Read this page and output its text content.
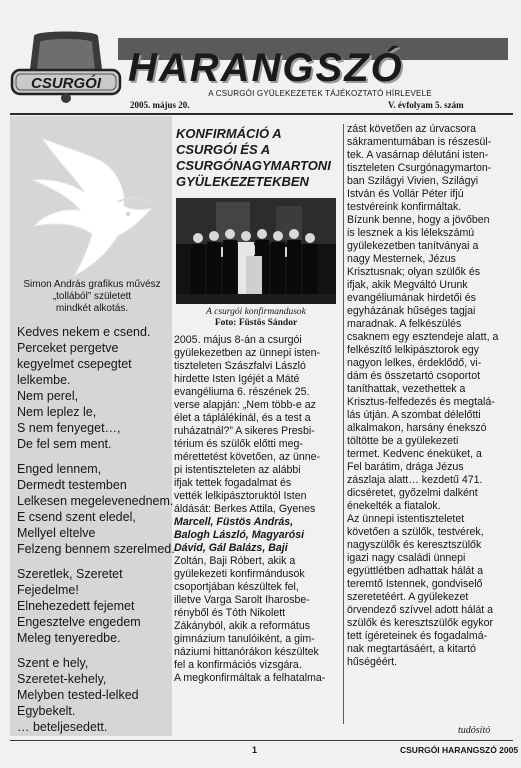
CSURGÓI HARANGSZÓ
A CSURGÓI GYÜLEKEZETEK TÁJÉKOZTATÓ HÍRLEVELE
2005. május 20.	V. évfolyam 5. szám
Simon András grafikus művész
„tollából” született
mindkét alkotás.
Kedves nekem e csend.
Perceket pergetve
kegyelmet csepegtet
lelkembe.
Nem perel,
Nem leplez le,
S nem fenyeget…,
De fel sem ment.
Enged lennem,
Dermedt testemben
Lelkesen megelevenednem.
E csend szent eledel,
Mellyel eltelve
Felzeng bennem szerelmed.
Szeretlek, Szeretet
Fejedelme!
Elnehezedett fejemet
Engesztelve engedem
Meleg tenyeredbe.
Szent e hely,
Szeretet-kehely,
Melyben tested-lelked
Egybekelt.
… beteljesedett.
KONFIRMÁCIÓ A
CSURGÓI ÉS A
CSURGÓNAGYMARTONI
GYÜLEKEZETEKBEN
A csurgói konfirmandusok
Foto: Füstös Sándor
2005. május 8-án a csurgói
gyülekezetben az ünnepi isten-
tiszteleten Szászfalvi László
hirdette Isten Igéjét a Máté
evangéliuma 6. részének 25.
verse alapján: „Nem több-e az
élet a táplálékinál, és a test a
ruházatnál?” A sikeres Presbi-
térium és szülők előtti meg-
mérettetést követően, az ünne-
pi istentiszteleten az alábbi
ifjak tettek fogadalmat és
vették lelkipásztoruktól Isten
áldását: Berkes Attila, Gyenes
Marcell, Füstös András,
Balogh László, Magyarósi
Dávid, Gál Balázs, Baji
Zoltán, Baji Róbert, akik a
gyülekezeti konfirmándusok
csoportjában készültek fel,
illetve Varga Sarolt Iharosbe-
rényből és Tóth Nikolett
Zákányból, akik a református
gimnázium tanulóiként, a gim-
náziumi hittanórákon készültek
fel a konfirmációs vizsgára.
A megkonfirmáltak a felhatalma-
zást követően az úrvacsora
sákramentumában is részesül-
tek. A vasárnap délutáni isten-
tiszteleten Csurgónagymarton-
ban Szilágyi Vivien, Szilágyi
István és Vollár Péter ifjú
testvéreink konfirmáltak.
Bízunk benne, hogy a jövőben
is lesznek a kis lélekszámú
gyülekezetben tanítványai a
nagy Mesternek, Jézus
Krisztusnak; olyan szülők és
ifjak, akik Megváltó Urunk
evangéliumának hirdetői és
egyházának hűséges tagjai
maradnak. A felkészülés
csaknem egy esztendeje alatt, a
felkészítő lelkipásztorok egy
nagyon lelkes, érdeklődő, vi-
dám és összetartó csoportot
taníthattak, vezethettek a
Krisztus-felfedezés és megtalá-
lás útján. A szombat délelőtti
alkalmakon, harsány énekszó
töltötte be a gyülekezeti
termet. Kedvenc éneküket, a
Fel barátim, drága Jézus
zászlaja alatt… kezdetű 471.
dicséretet, győzelmi dalként
énekelték a fiatalok.
Az ünnepi istentiszteletet
követően a szülők, testvérek,
nagyszülők és keresztszülők
igazi nagy családi ünnepi
együttlétben adhattak hálát a
teremtő Istennek, gondviselő
szeretetéért. A gyülekezet
örvendező szívvel adott hálát a
szülők és keresztszülők egykor
tett ígéreteinek és fogadalmá-
nak megtartásáért, a kitartó
hűségéért.
tudósító
1	CSURGÓI HARANGSZÓ 2005
